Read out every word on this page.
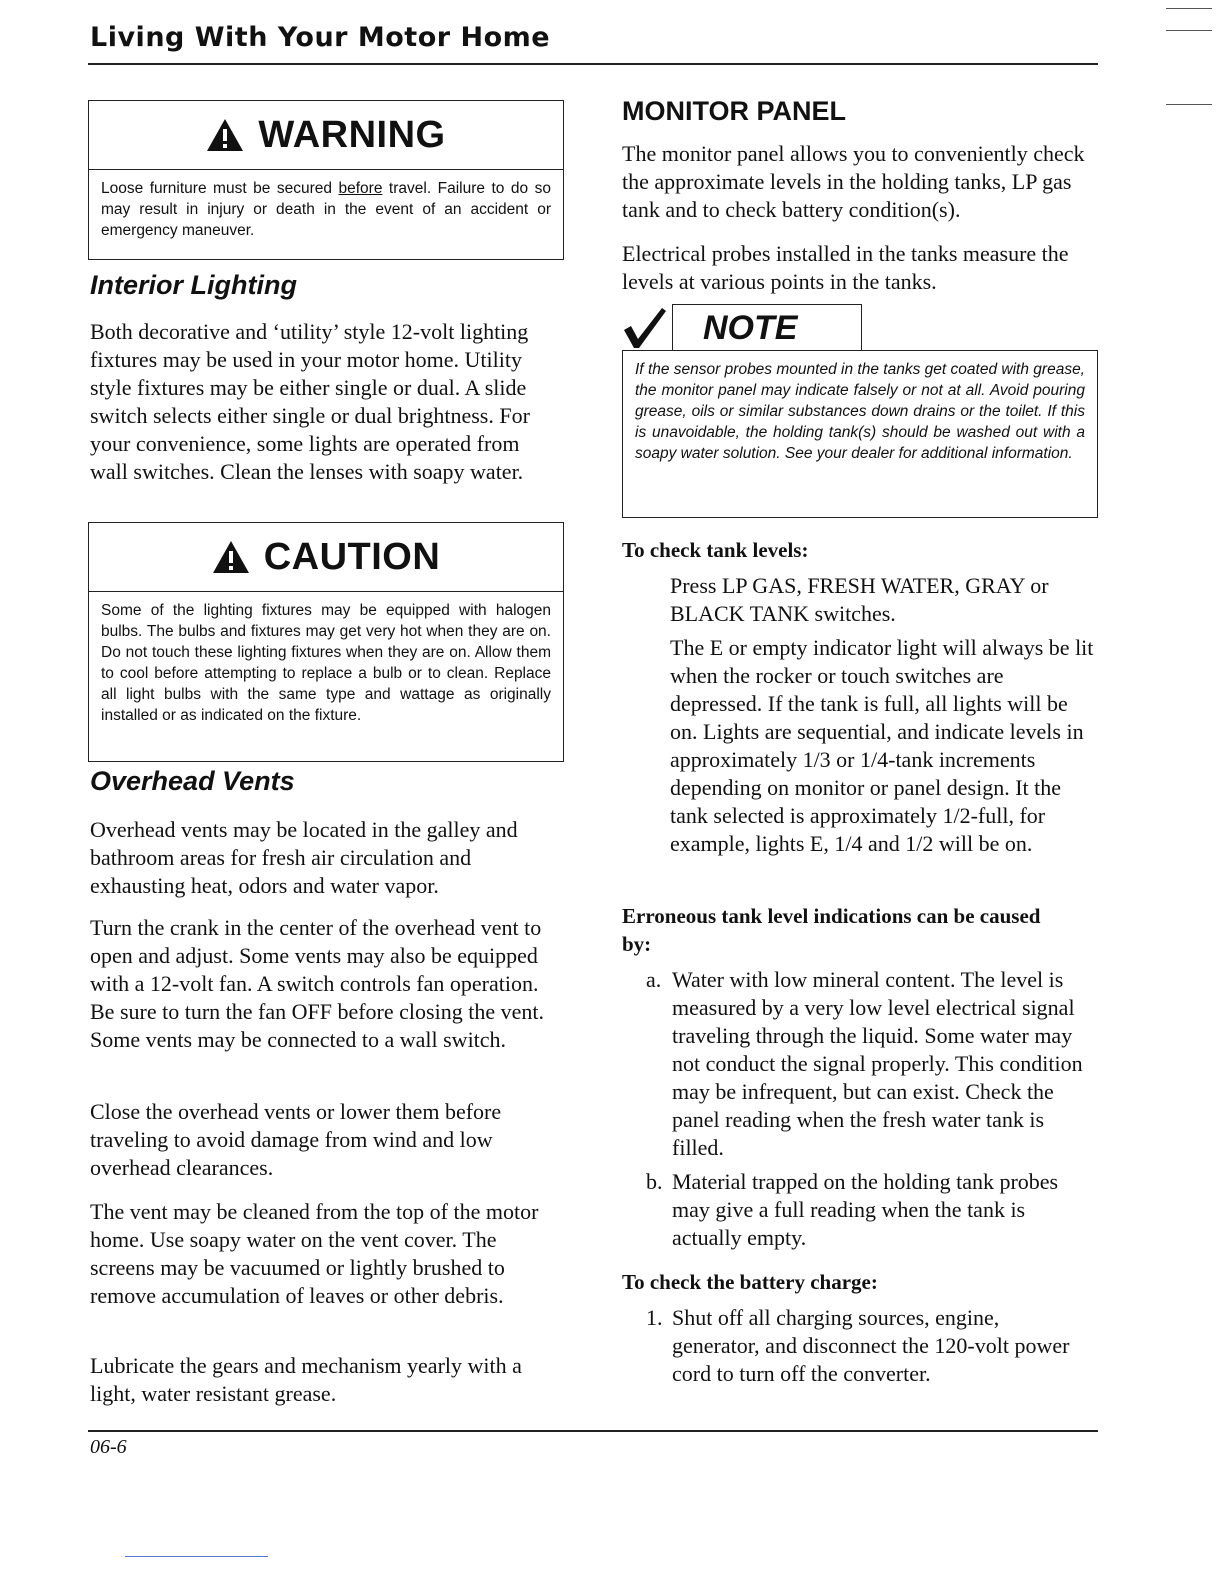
Living With Your Motor Home
WARNING
Loose furniture must be secured before travel. Failure to do so may result in injury or death in the event of an accident or emergency maneuver.
Interior Lighting

Both decorative and ‘utility’ style 12-volt lighting fixtures may be used in your motor home. Utility style fixtures may be either single or dual. A slide switch selects either single or dual brightness. For your convenience, some lights are operated from wall switches. Clean the lenses with soapy water.

CAUTION
Some of the lighting fixtures may be equipped with halogen bulbs. The bulbs and fixtures may get very hot when they are on. Do not touch these lighting fixtures when they are on. Allow them to cool before attempting to replace a bulb or to clean. Replace all light bulbs with the same type and wattage as originally installed or as indicated on the fixture.
Overhead Vents

Overhead vents may be located in the galley and bathroom areas for fresh air circulation and exhausting heat, odors and water vapor.

Turn the crank in the center of the overhead vent to open and adjust. Some vents may also be equipped with a 12-volt fan. A switch controls fan operation. Be sure to turn the fan OFF before closing the vent. Some vents may be connected to a wall switch.

Close the overhead vents or lower them before traveling to avoid damage from wind and low overhead clearances.

The vent may be cleaned from the top of the motor home. Use soapy water on the vent cover. The screens may be vacuumed or lightly brushed to remove accumulation of leaves or other debris.

Lubricate the gears and mechanism yearly with a light, water resistant grease.

MONITOR PANEL

The monitor panel allows you to conveniently check the approximate levels in the holding tanks, LP gas tank and to check battery condition(s).

Electrical probes installed in the tanks measure the levels at various points in the tanks.

NOTE
If the sensor probes mounted in the tanks get coated with grease, the monitor panel may indicate falsely or not at all. Avoid pouring grease, oils or similar substances down drains or the toilet. If this is unavoidable, the holding tank(s) should be washed out with a soapy water solution. See your dealer for additional information.
To check tank levels:

Press LP GAS, FRESH WATER, GRAY or BLACK TANK switches.

The E or empty indicator light will always be lit when the rocker or touch switches are depressed. If the tank is full, all lights will be on. Lights are sequential, and indicate levels in approximately 1/3 or 1/4-tank increments depending on monitor or panel design. It the tank selected is approximately 1/2-full, for example, lights E, 1/4 and 1/2 will be on.

Erroneous tank level indications can be caused by:
a. Water with low mineral content. The level is measured by a very low level electrical signal traveling through the liquid. Some water may not conduct the signal properly. This condition may be infrequent, but can exist. Check the panel reading when the fresh water tank is filled.
b. Material trapped on the holding tank probes may give a full reading when the tank is actually empty.
To check the battery charge:
1. Shut off all charging sources, engine, generator, and disconnect the 120-volt power cord to turn off the converter.
06-6
